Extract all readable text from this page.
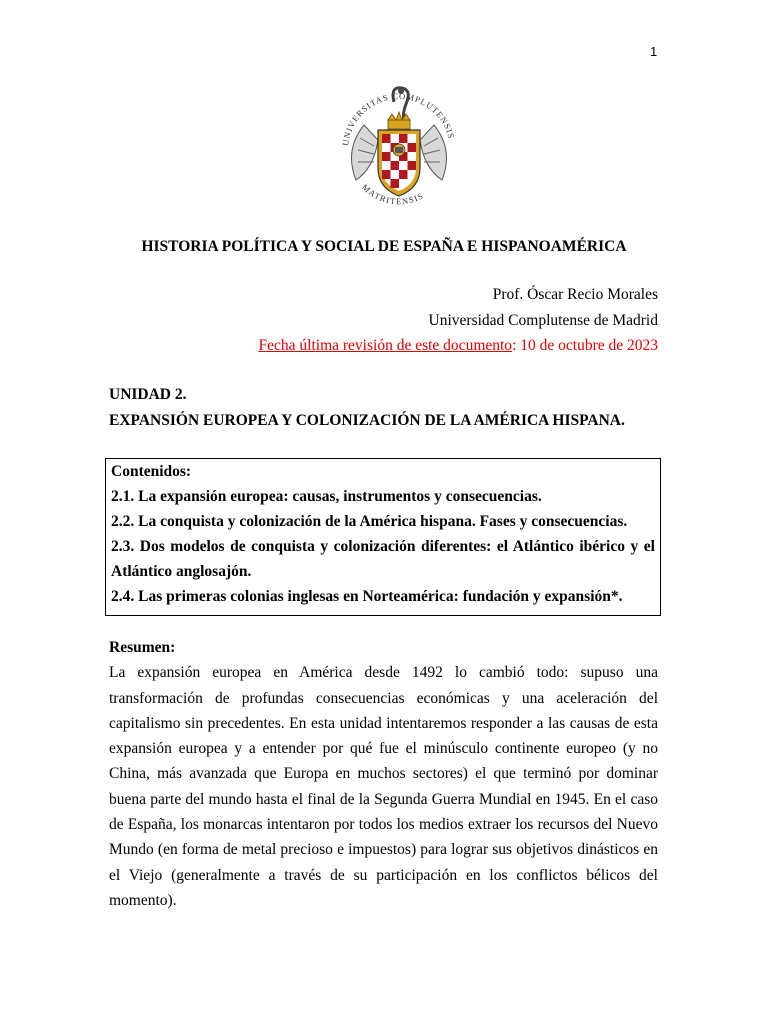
1
UNIVERSITAS COMPLUTENSIS
MATRITENSIS
HISTORIA POLÍTICA Y SOCIAL DE ESPAÑA E HISPANOAMÉRICA
Prof. Óscar Recio Morales
Universidad Complutense de Madrid
Fecha última revisión de este documento: 10 de octubre de 2023
UNIDAD 2.
EXPANSIÓN EUROPEA Y COLONIZACIÓN DE LA AMÉRICA HISPANA.
Contenidos:
2.1. La expansión europea: causas, instrumentos y consecuencias.
2.2. La conquista y colonización de la América hispana. Fases y consecuencias.
2.3. Dos modelos de conquista y colonización diferentes: el Atlántico ibérico y el Atlántico anglosajón.
2.4. Las primeras colonias inglesas en Norteamérica: fundación y expansión*.
Resumen:
La expansión europea en América desde 1492 lo cambió todo: supuso una transformación de profundas consecuencias económicas y una aceleración del capitalismo sin precedentes. En esta unidad intentaremos responder a las causas de esta expansión europea y a entender por qué fue el minúsculo continente europeo (y no China, más avanzada que Europa en muchos sectores) el que terminó por dominar buena parte del mundo hasta el final de la Segunda Guerra Mundial en 1945. En el caso de España, los monarcas intentaron por todos los medios extraer los recursos del Nuevo Mundo (en forma de metal precioso e impuestos) para lograr sus objetivos dinásticos en el Viejo (generalmente a través de su participación en los conflictos bélicos del momento).
